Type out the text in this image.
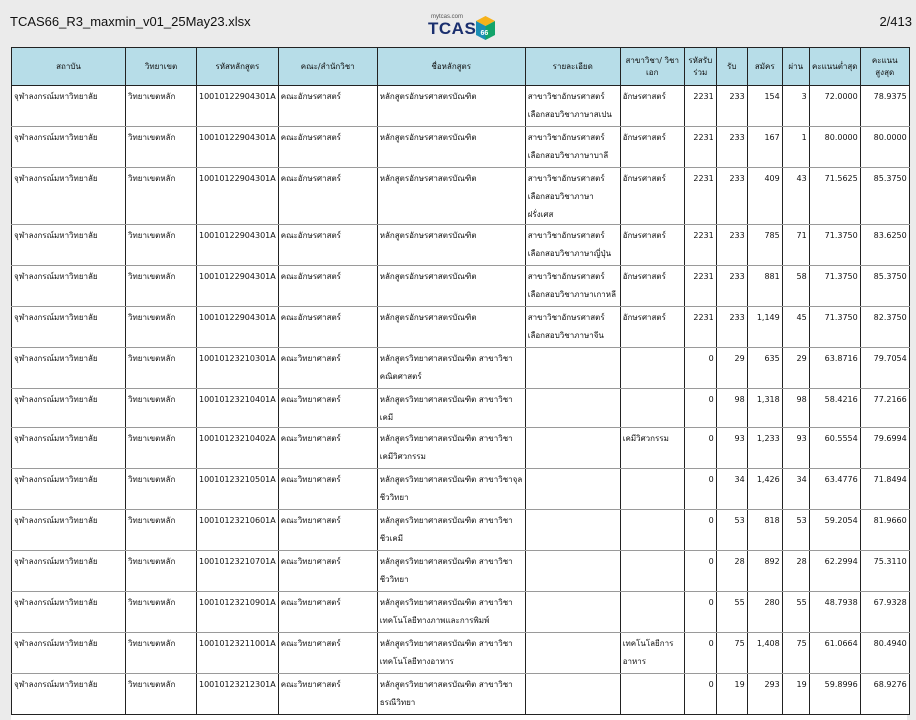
TCAS66_R3_maxmin_v01_25May23.xlsx	mytcas.com
TCAS 66
2/413
สถาบัน	วิทยาเขต	รหัสหลักสูตร	คณะ/สำนักวิชา	ชื่อหลักสูตร	รายละเอียด	สาขาวิชา/ วิชาเอก	รหัสรับร่วม	รับ	สมัคร	ผ่าน	คะแนนต่ำสุด	คะแนนสูงสุด
จุฬาลงกรณ์มหาวิทยาลัย	วิทยาเขตหลัก	10010122904301A	คณะอักษรศาสตร์	หลักสูตรอักษรศาสตรบัณฑิต	สาขาวิชาอักษรศาสตร์ เลือกสอบวิชาภาษาสเปน	อักษรศาสตร์	2231	233	154	3	72.0000	78.9375
จุฬาลงกรณ์มหาวิทยาลัย	วิทยาเขตหลัก	10010122904301A	คณะอักษรศาสตร์	หลักสูตรอักษรศาสตรบัณฑิต	สาขาวิชาอักษรศาสตร์ เลือกสอบวิชาภาษาบาลี	อักษรศาสตร์	2231	233	167	1	80.0000	80.0000
จุฬาลงกรณ์มหาวิทยาลัย	วิทยาเขตหลัก	10010122904301A	คณะอักษรศาสตร์	หลักสูตรอักษรศาสตรบัณฑิต	สาขาวิชาอักษรศาสตร์ เลือกสอบวิชาภาษาฝรั่งเศส	อักษรศาสตร์	2231	233	409	43	71.5625	85.3750
จุฬาลงกรณ์มหาวิทยาลัย	วิทยาเขตหลัก	10010122904301A	คณะอักษรศาสตร์	หลักสูตรอักษรศาสตรบัณฑิต	สาขาวิชาอักษรศาสตร์ เลือกสอบวิชาภาษาญี่ปุ่น	อักษรศาสตร์	2231	233	785	71	71.3750	83.6250
จุฬาลงกรณ์มหาวิทยาลัย	วิทยาเขตหลัก	10010122904301A	คณะอักษรศาสตร์	หลักสูตรอักษรศาสตรบัณฑิต	สาขาวิชาอักษรศาสตร์ เลือกสอบวิชาภาษาเกาหลี	อักษรศาสตร์	2231	233	881	58	71.3750	85.3750
จุฬาลงกรณ์มหาวิทยาลัย	วิทยาเขตหลัก	10010122904301A	คณะอักษรศาสตร์	หลักสูตรอักษรศาสตรบัณฑิต	สาขาวิชาอักษรศาสตร์ เลือกสอบวิชาภาษาจีน	อักษรศาสตร์	2231	233	1,149	45	71.3750	82.3750
จุฬาลงกรณ์มหาวิทยาลัย	วิทยาเขตหลัก	10010123210301A	คณะวิทยาศาสตร์	หลักสูตรวิทยาศาสตรบัณฑิต สาขาวิชาคณิตศาสตร์			0	29	635	29	63.8716	79.7054
จุฬาลงกรณ์มหาวิทยาลัย	วิทยาเขตหลัก	10010123210401A	คณะวิทยาศาสตร์	หลักสูตรวิทยาศาสตรบัณฑิต สาขาวิชาเคมี			0	98	1,318	98	58.4216	77.2166
จุฬาลงกรณ์มหาวิทยาลัย	วิทยาเขตหลัก	10010123210402A	คณะวิทยาศาสตร์	หลักสูตรวิทยาศาสตรบัณฑิต สาขาวิชาเคมีวิศวกรรม		เคมีวิศวกรรม	0	93	1,233	93	60.5554	79.6994
จุฬาลงกรณ์มหาวิทยาลัย	วิทยาเขตหลัก	10010123210501A	คณะวิทยาศาสตร์	หลักสูตรวิทยาศาสตรบัณฑิต สาขาวิชาจุลชีววิทยา			0	34	1,426	34	63.4776	71.8494
จุฬาลงกรณ์มหาวิทยาลัย	วิทยาเขตหลัก	10010123210601A	คณะวิทยาศาสตร์	หลักสูตรวิทยาศาสตรบัณฑิต สาขาวิชาชีวเคมี			0	53	818	53	59.2054	81.9660
จุฬาลงกรณ์มหาวิทยาลัย	วิทยาเขตหลัก	10010123210701A	คณะวิทยาศาสตร์	หลักสูตรวิทยาศาสตรบัณฑิต สาขาวิชาชีววิทยา			0	28	892	28	62.2994	75.3110
จุฬาลงกรณ์มหาวิทยาลัย	วิทยาเขตหลัก	10010123210901A	คณะวิทยาศาสตร์	หลักสูตรวิทยาศาสตรบัณฑิต สาขาวิชาเทคโนโลยีทางภาพและการพิมพ์			0	55	280	55	48.7938	67.9328
จุฬาลงกรณ์มหาวิทยาลัย	วิทยาเขตหลัก	10010123211001A	คณะวิทยาศาสตร์	หลักสูตรวิทยาศาสตรบัณฑิต สาขาวิชาเทคโนโลยีทางอาหาร		เทคโนโลยีการอาหาร	0	75	1,408	75	61.0664	80.4940
จุฬาลงกรณ์มหาวิทยาลัย	วิทยาเขตหลัก	10010123212301A	คณะวิทยาศาสตร์	หลักสูตรวิทยาศาสตรบัณฑิต สาขาวิชาธรณีวิทยา			0	19	293	19	59.8996	68.9276
